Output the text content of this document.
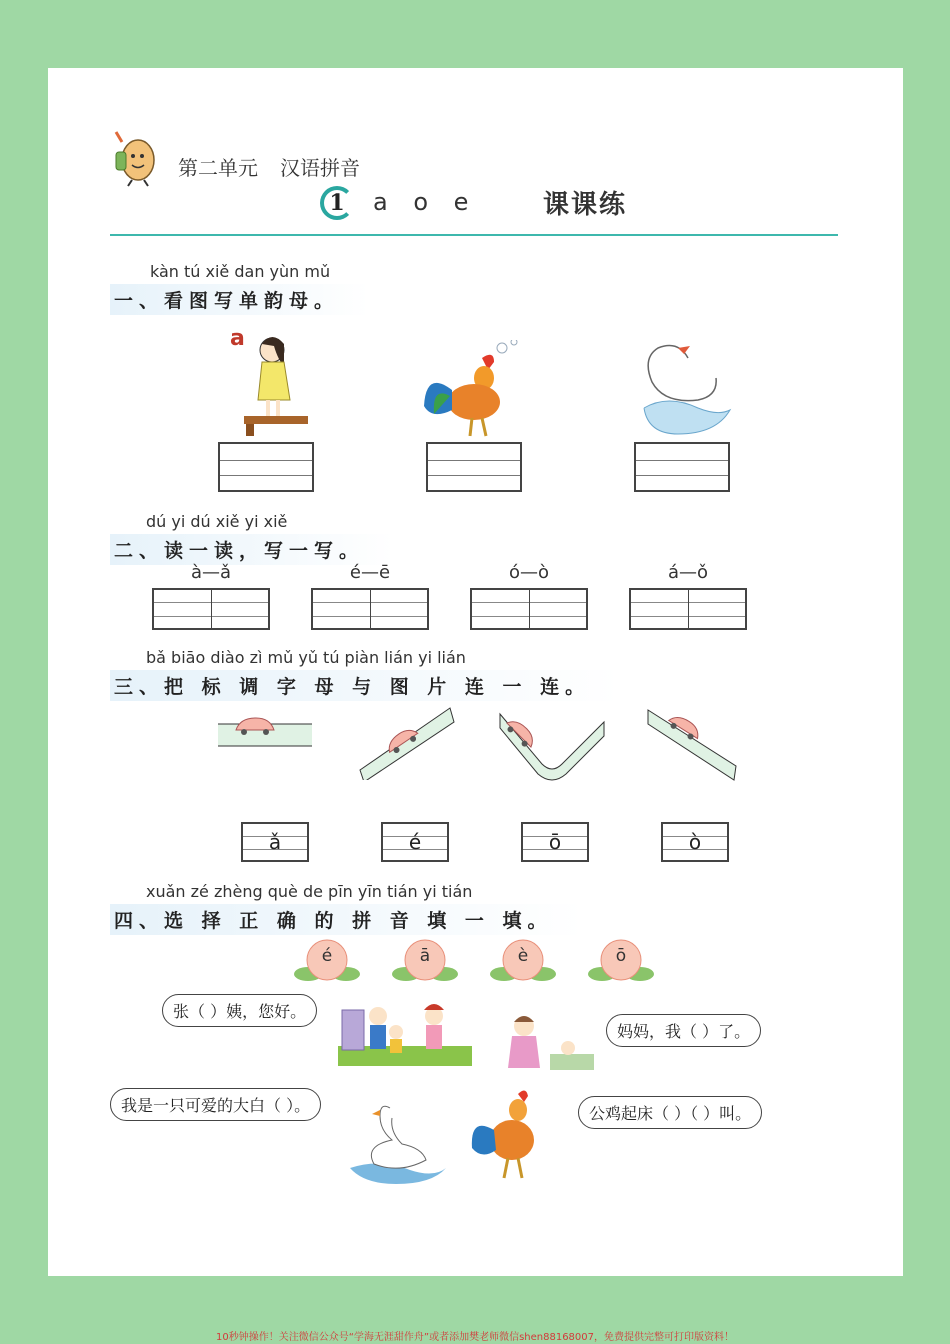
第二单元 汉语拼音
1	a o e	课课练
kàn tú xiě dan yùn mǔ
一、看图写单韵母。
a
dú yi dú xiě yi xiě
二、读一读，写一写。
à—ǎ	é—ē	ó—ò	á—ǒ
bǎ biāo diào zì mǔ yǔ tú piàn lián yi lián
三、把 标 调 字 母 与 图 片 连 一 连。
ǎ	é	ō	ò
xuǎn zé zhèng què de pīn yīn tián yi tián
四、选 择 正 确 的 拼 音 填 一 填。
é	ā	è	ō
张（ ）姨，您好。
妈妈，我（ ）了。
我是一只可爱的大白（ ）。	公鸡起床（ ）（ ）叫。
10秒钟操作！关注微信公众号“学海无涯甜作舟”或者添加樊老师微信shen88168007，免费提供完整可打印版资料！
